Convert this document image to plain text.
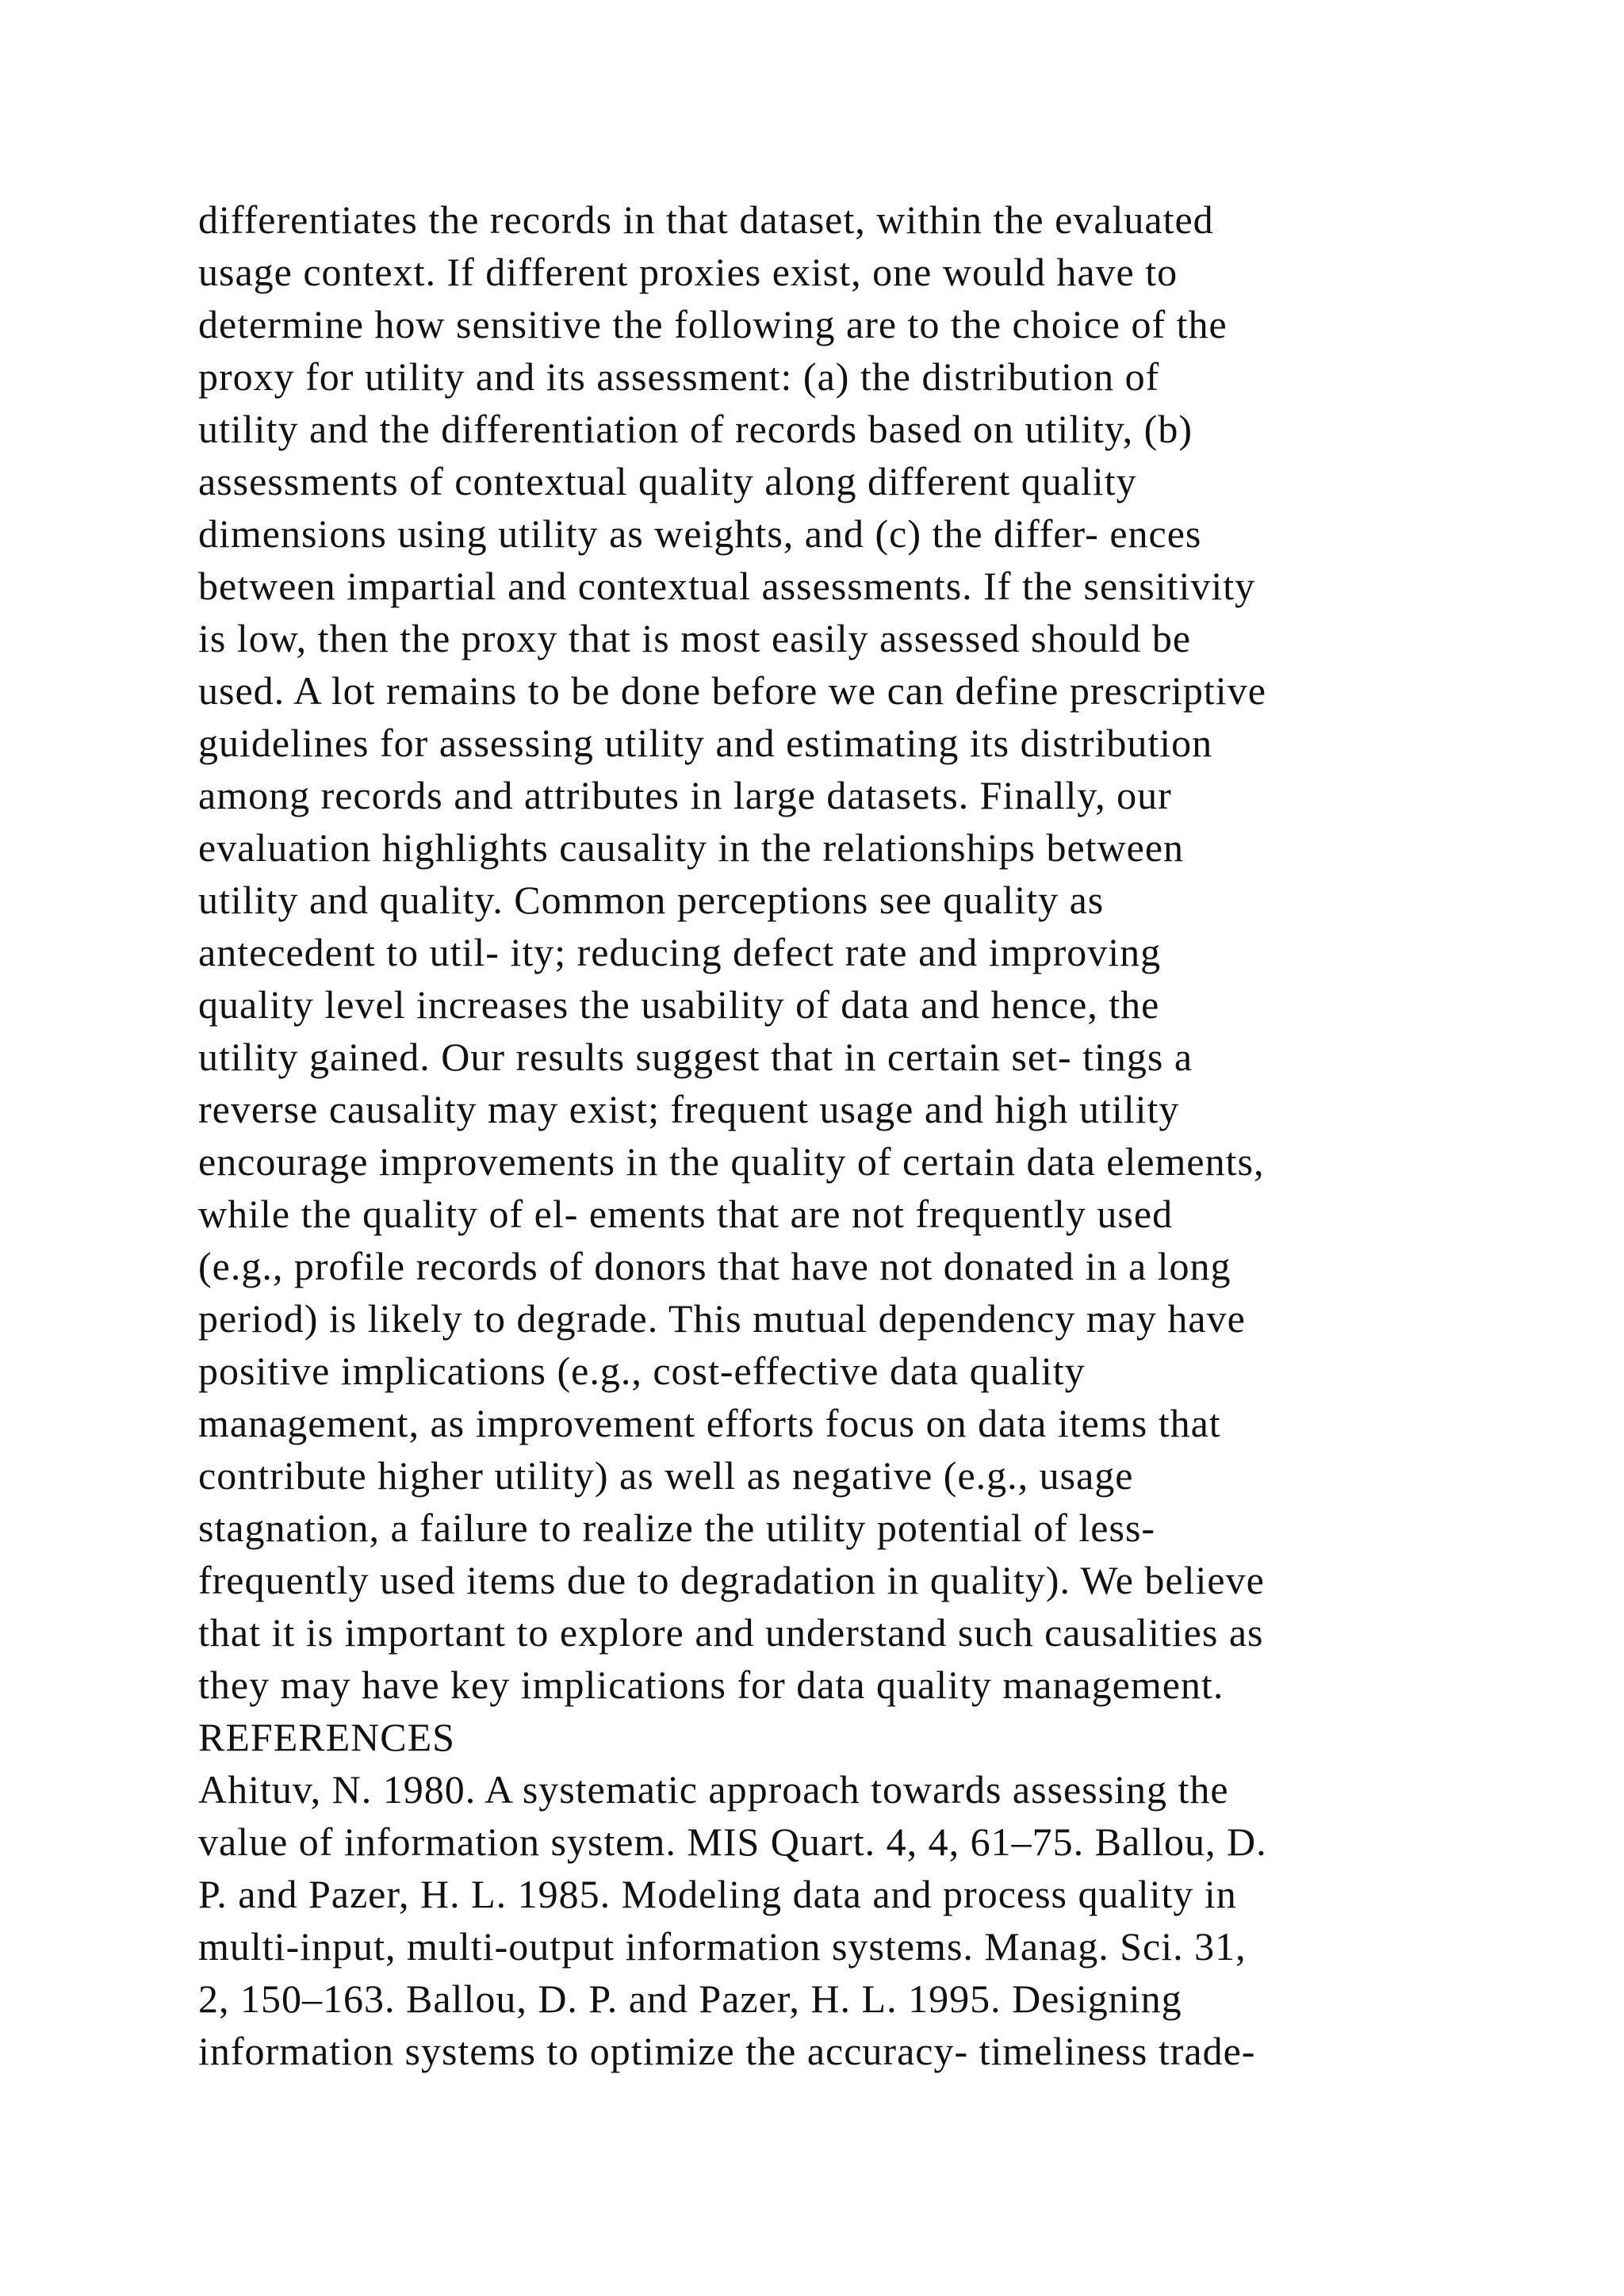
differentiates the records in that dataset, within the evaluated
usage context. If different proxies exist, one would have to
determine how sensitive the following are to the choice of the
proxy for utility and its assessment: (a) the distribution of
utility and the differentiation of records based on utility, (b)
assessments of contextual quality along different quality
dimensions using utility as weights, and (c) the differ- ences
between impartial and contextual assessments. If the sensitivity
is low, then the proxy that is most easily assessed should be
used. A lot remains to be done before we can define prescriptive
guidelines for assessing utility and estimating its distribution
among records and attributes in large datasets. Finally, our
evaluation highlights causality in the relationships between
utility and quality. Common perceptions see quality as
antecedent to util- ity; reducing defect rate and improving
quality level increases the usability of data and hence, the
utility gained. Our results suggest that in certain set- tings a
reverse causality may exist; frequent usage and high utility
encourage improvements in the quality of certain data elements,
while the quality of el- ements that are not frequently used
(e.g., profile records of donors that have not donated in a long
period) is likely to degrade. This mutual dependency may have
positive implications (e.g., cost-effective data quality
management, as improvement efforts focus on data items that
contribute higher utility) as well as negative (e.g., usage
stagnation, a failure to realize the utility potential of less-
frequently used items due to degradation in quality). We believe
that it is important to explore and understand such causalities as
they may have key implications for data quality management.
REFERENCES
Ahituv, N. 1980. A systematic approach towards assessing the
value of information system. MIS Quart. 4, 4, 61–75. Ballou, D.
P. and Pazer, H. L. 1985. Modeling data and process quality in
multi-input, multi-output information systems. Manag. Sci. 31,
2, 150–163. Ballou, D. P. and Pazer, H. L. 1995. Designing
information systems to optimize the accuracy- timeliness trade-
